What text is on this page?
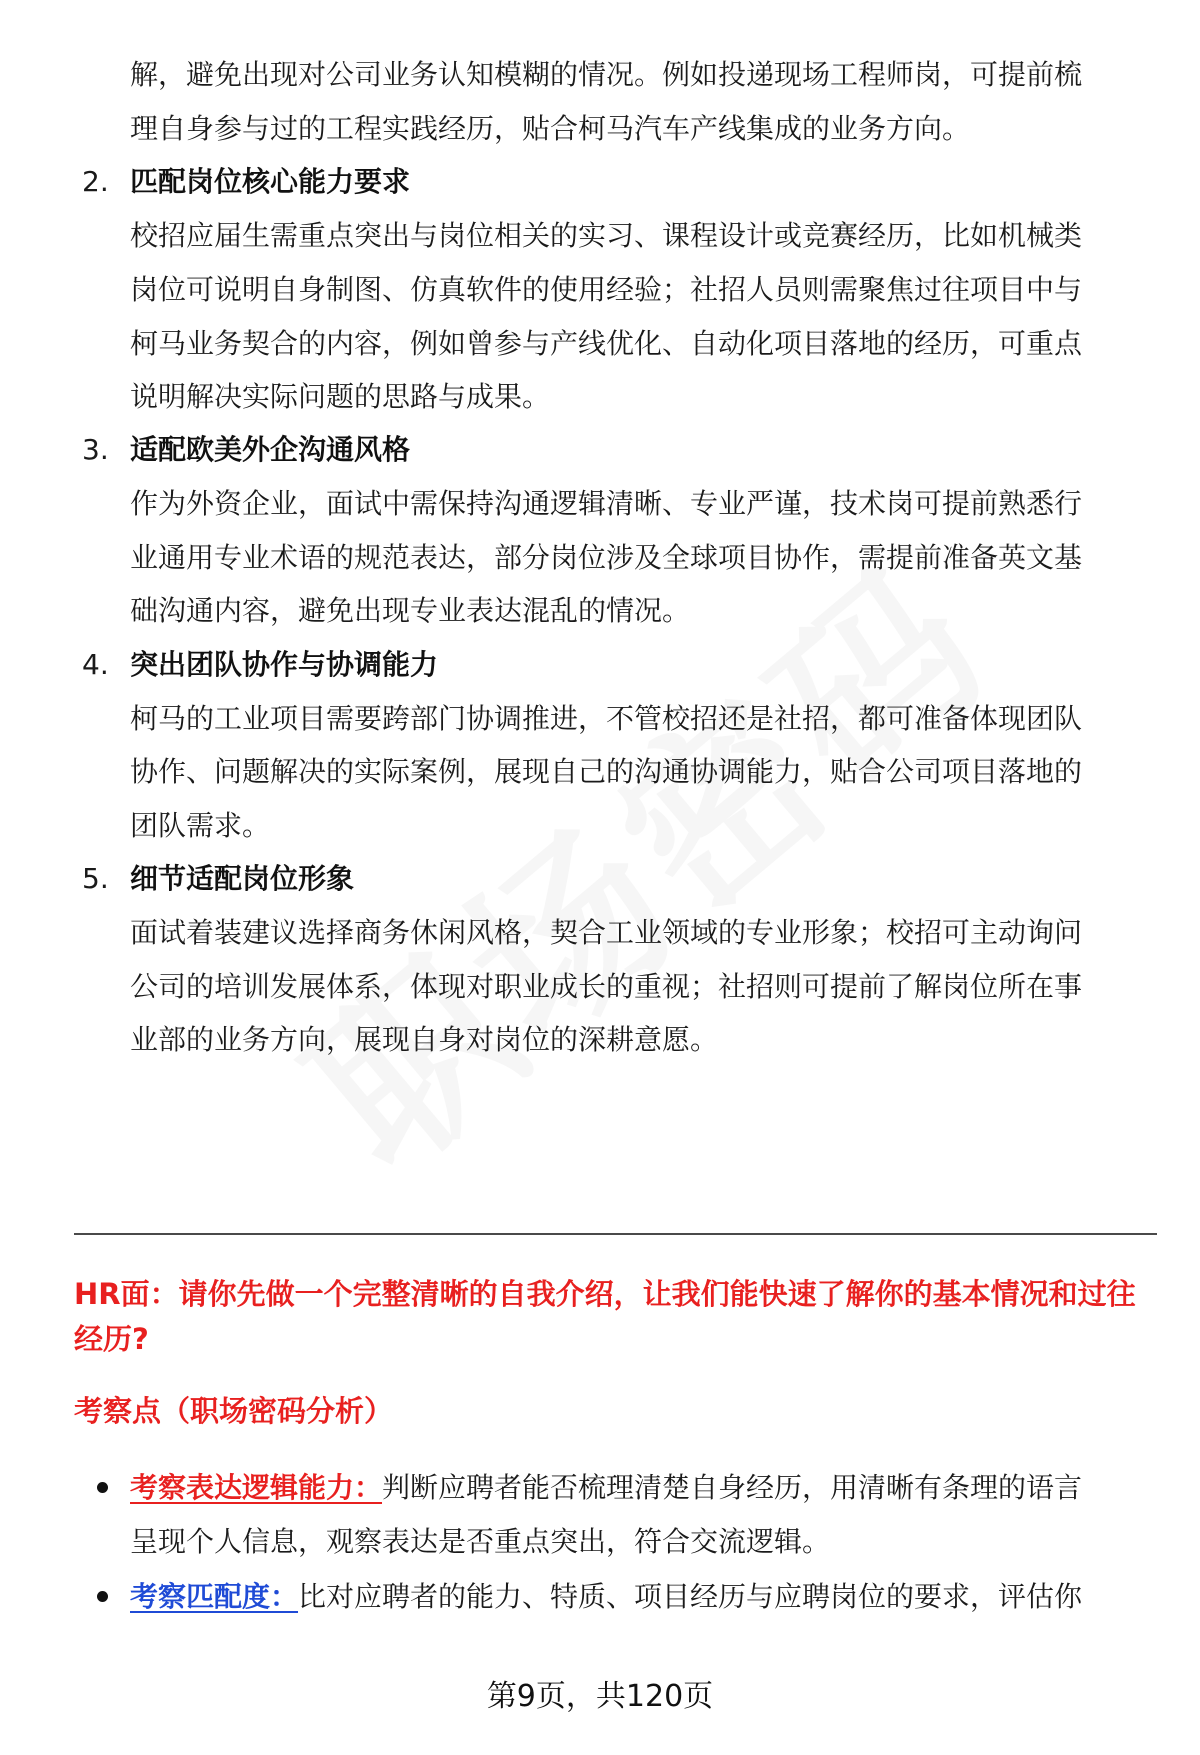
解，避免出现对公司业务认知模糊的情况。例如投递现场工程师岗，可提前梳

理自身参与过的工程实践经历，贴合柯马汽车产线集成的业务方向。

2. 匹配岗位核心能力要求

校招应届生需重点突出与岗位相关的实习、课程设计或竞赛经历，比如机械类

岗位可说明自身制图、仿真软件的使用经验；社招人员则需聚焦过往项目中与

柯马业务契合的内容，例如曾参与产线优化、自动化项目落地的经历，可重点

说明解决实际问题的思路与成果。

3. 适配欧美外企沟通风格

作为外资企业，面试中需保持沟通逻辑清晰、专业严谨，技术岗可提前熟悉行

业通用专业术语的规范表达，部分岗位涉及全球项目协作，需提前准备英文基

础沟通内容，避免出现专业表达混乱的情况。

4. 突出团队协作与协调能力

柯马的工业项目需要跨部门协调推进，不管校招还是社招，都可准备体现团队

协作、问题解决的实际案例，展现自己的沟通协调能力，贴合公司项目落地的

团队需求。

5. 细节适配岗位形象

面试着装建议选择商务休闲风格，契合工业领域的专业形象；校招可主动询问

公司的培训发展体系，体现对职业成长的重视；社招则可提前了解岗位所在事

业部的业务方向，展现自身对岗位的深耕意愿。

HR面：请你先做一个完整清晰的自我介绍，让我们能快速了解你的基本情况和过往经历?

考察点（职场密码分析）

考察表达逻辑能力：判断应聘者能否梳理清楚自身经历，用清晰有条理的语言

呈现个人信息，观察表达是否重点突出，符合交流逻辑。

考察匹配度：比对应聘者的能力、特质、项目经历与应聘岗位的要求，评估你

第9页，共120页
